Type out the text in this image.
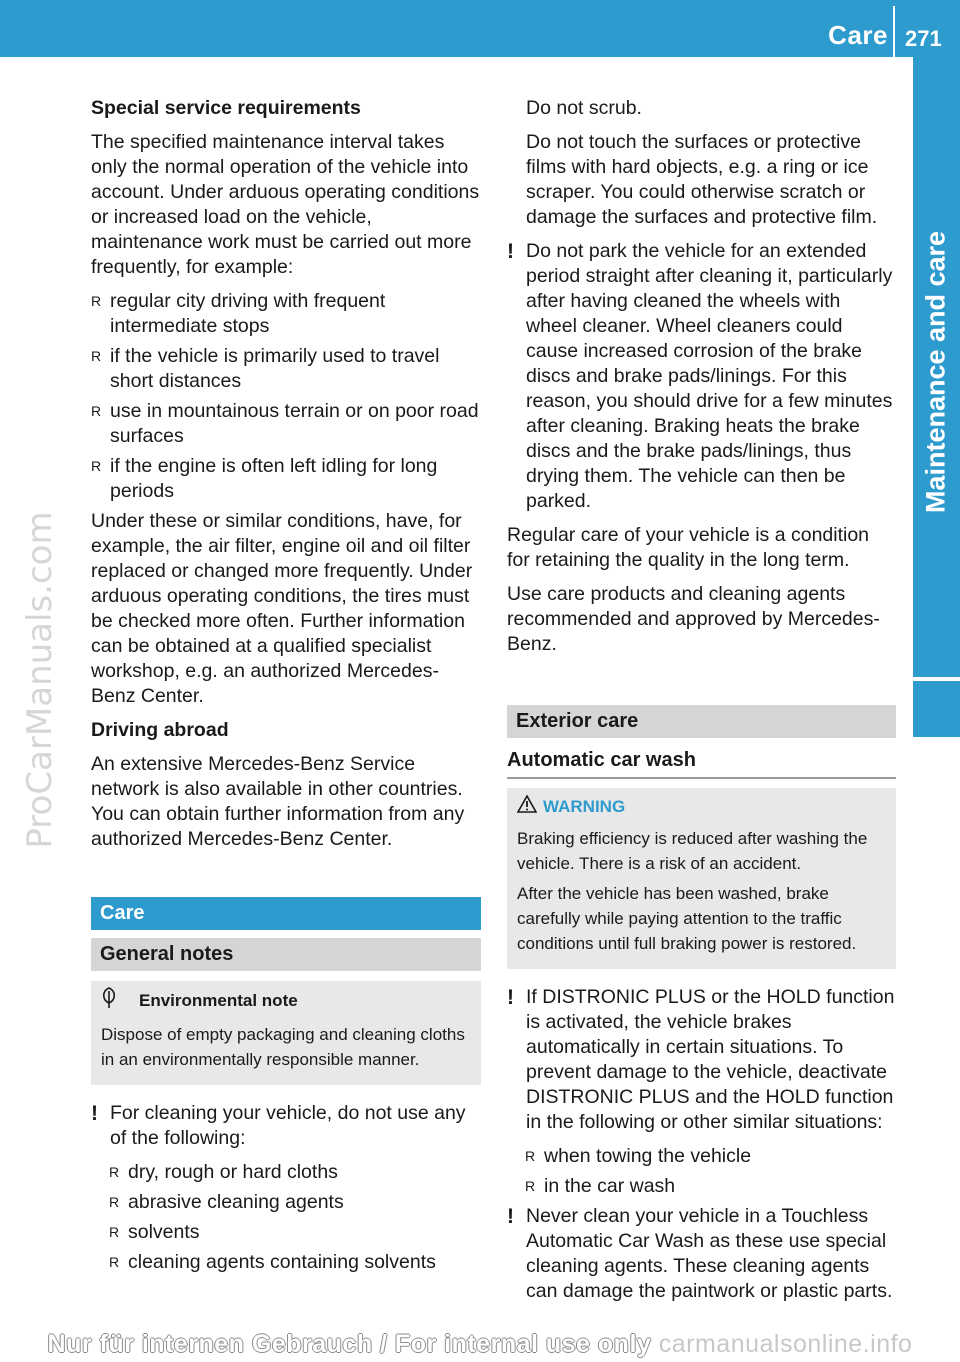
Care 271
Maintenance and care
ProCarManuals.com

Special service requirements

The specified maintenance interval takes only the normal operation of the vehicle into account. Under arduous operating conditions or increased load on the vehicle, maintenance work must be carried out more frequently, for example:

R regular city driving with frequent intermediate stops
R if the vehicle is primarily used to travel short distances
R use in mountainous terrain or on poor road surfaces
R if the engine is often left idling for long periods

Under these or similar conditions, have, for example, the air filter, engine oil and oil filter replaced or changed more frequently. Under arduous operating conditions, the tires must be checked more often. Further information can be obtained at a qualified specialist workshop, e.g. an authorized Mercedes-Benz Center.

Driving abroad

An extensive Mercedes-Benz Service network is also available in other countries. You can obtain further information from any authorized Mercedes-Benz Center.

Care
General notes

Environmental note

Dispose of empty packaging and cleaning cloths in an environmentally responsible manner.

! For cleaning your vehicle, do not use any of the following:
R dry, rough or hard cloths
R abrasive cleaning agents
R solvents
R cleaning agents containing solvents

Do not scrub.

Do not touch the surfaces or protective films with hard objects, e.g. a ring or ice scraper. You could otherwise scratch or damage the surfaces and protective film.

! Do not park the vehicle for an extended period straight after cleaning it, particularly after having cleaned the wheels with wheel cleaner. Wheel cleaners could cause increased corrosion of the brake discs and brake pads/linings. For this reason, you should drive for a few minutes after cleaning. Braking heats the brake discs and the brake pads/linings, thus drying them. The vehicle can then be parked.

Regular care of your vehicle is a condition for retaining the quality in the long term.

Use care products and cleaning agents recommended and approved by Mercedes-Benz.

Exterior care

Automatic car wash

WARNING

Braking efficiency is reduced after washing the vehicle. There is a risk of an accident.

After the vehicle has been washed, brake carefully while paying attention to the traffic conditions until full braking power is restored.

! If DISTRONIC PLUS or the HOLD function is activated, the vehicle brakes automatically in certain situations. To prevent damage to the vehicle, deactivate DISTRONIC PLUS and the HOLD function in the following or other similar situations:
R when towing the vehicle
R in the car wash
! Never clean your vehicle in a Touchless Automatic Car Wash as these use special cleaning agents. These cleaning agents can damage the paintwork or plastic parts.
Nur für internen Gebrauch / For internal use only carmanualsonline.info
